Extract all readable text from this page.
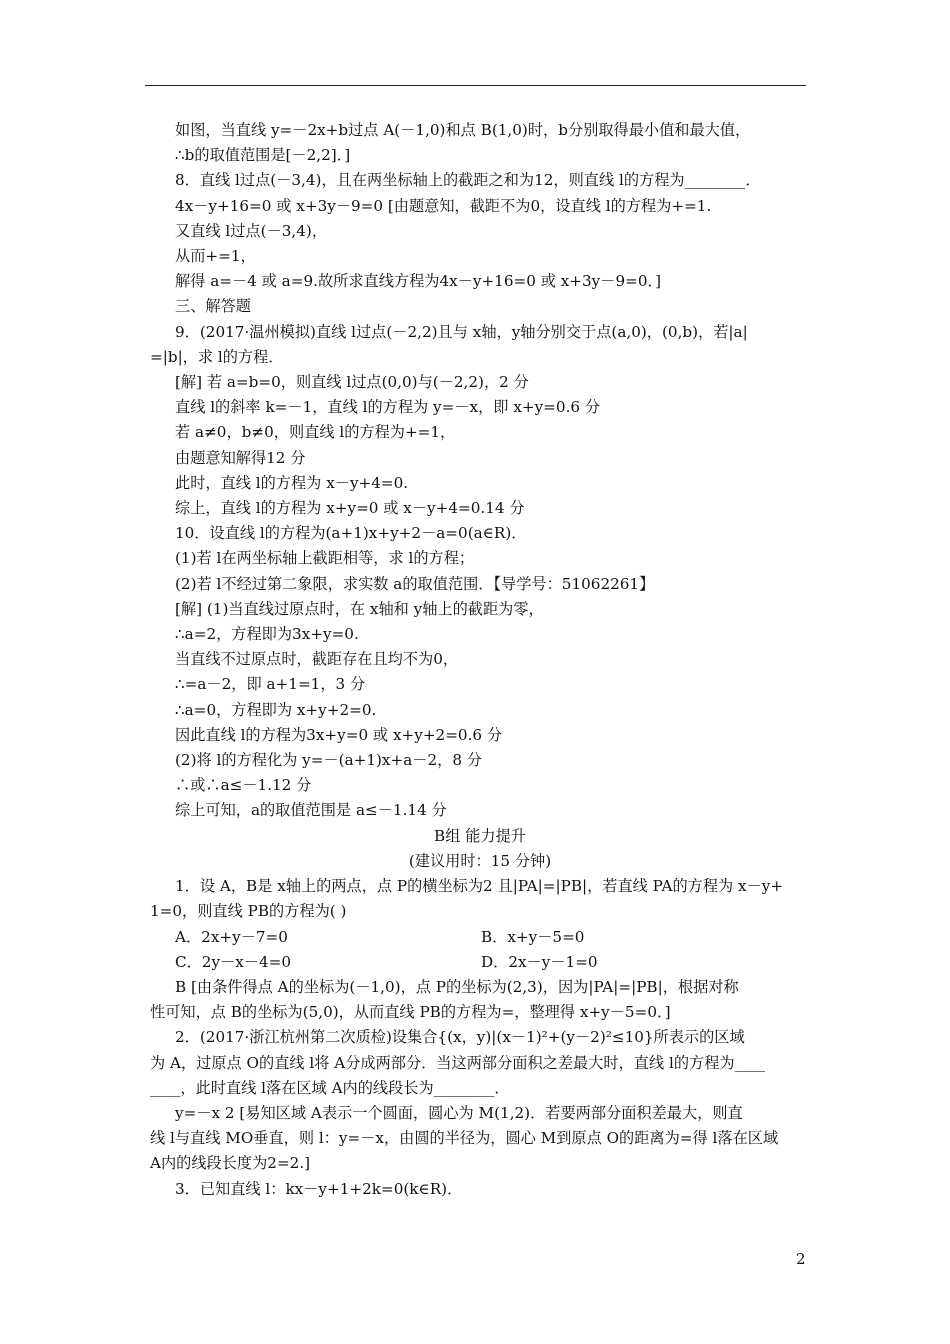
如图，当直线 y=－2x+b过点 A(－1,0)和点 B(1,0)时，b分别取得最小值和最大值，

∴b的取值范围是[－2,2]．]

8．直线 l过点(－3,4)，且在两坐标轴上的截距之和为12，则直线 l的方程为________．

4x－y+16=0 或 x+3y－9=0 [由题意知，截距不为0，设直线 l的方程为+=1.

又直线 l过点(－3,4)，

从而+=1，

解得 a=－4 或 a=9.故所求直线方程为4x－y+16=0 或 x+3y－9=0．]

三、解答题

9．(2017·温州模拟)直线 l过点(－2,2)且与 x轴，y轴分别交于点(a,0)，(0,b)，若|a|

=|b|，求 l的方程．

[解] 若 a=b=0，则直线 l过点(0,0)与(－2,2)，2 分

直线 l的斜率 k=－1，直线 l的方程为 y=－x，即 x+y=0.6 分

若 a≠0，b≠0，则直线 l的方程为+=1，

由题意知解得12 分

此时，直线 l的方程为 x－y+4=0.

综上，直线 l的方程为 x+y=0 或 x－y+4=0.14 分

10．设直线 l的方程为(a+1)x+y+2－a=0(a∈R)．

(1)若 l在两坐标轴上截距相等，求 l的方程；

(2)若 l不经过第二象限，求实数 a的取值范围．【导学号：51062261】

[解] (1)当直线过原点时，在 x轴和 y轴上的截距为零，

∴a=2，方程即为3x+y=0.

当直线不过原点时，截距存在且均不为0，

∴=a－2，即 a+1=1，3 分

∴a=0，方程即为 x+y+2=0.

因此直线 l的方程为3x+y=0 或 x+y+2=0.6 分

(2)将 l的方程化为 y=－(a+1)x+a－2，8 分

∴或∴a≤－1.12 分

综上可知，a的取值范围是 a≤－1.14 分

B组 能力提升

(建议用时：15 分钟)

1．设 A，B是 x轴上的两点，点 P的横坐标为2 且|PA|=|PB|，若直线 PA的方程为 x－y+

1=0，则直线 PB的方程为( )

A．2x+y－7=0	B．x+y－5=0

C．2y－x－4=0	D．2x－y－1=0

B [由条件得点 A的坐标为(－1,0)，点 P的坐标为(2,3)，因为|PA|=|PB|，根据对称

性可知，点 B的坐标为(5,0)，从而直线 PB的方程为=，整理得 x+y－5=0．]

2．(2017·浙江杭州第二次质检)设集合{(x，y)|(x－1)²+(y－2)²≤10}所表示的区域

为 A，过原点 O的直线 l将 A分成两部分．当这两部分面积之差最大时，直线 l的方程为____

____，此时直线 l落在区域 A内的线段长为________．

y=－x 2 [易知区域 A表示一个圆面，圆心为 M(1,2)．若要两部分面积差最大，则直

线 l与直线 MO垂直，则 l：y=－x，由圆的半径为，圆心 M到原点 O的距离为=得 l落在区域

A内的线段长度为2=2.]

3．已知直线 l：kx－y+1+2k=0(k∈R)．

2
